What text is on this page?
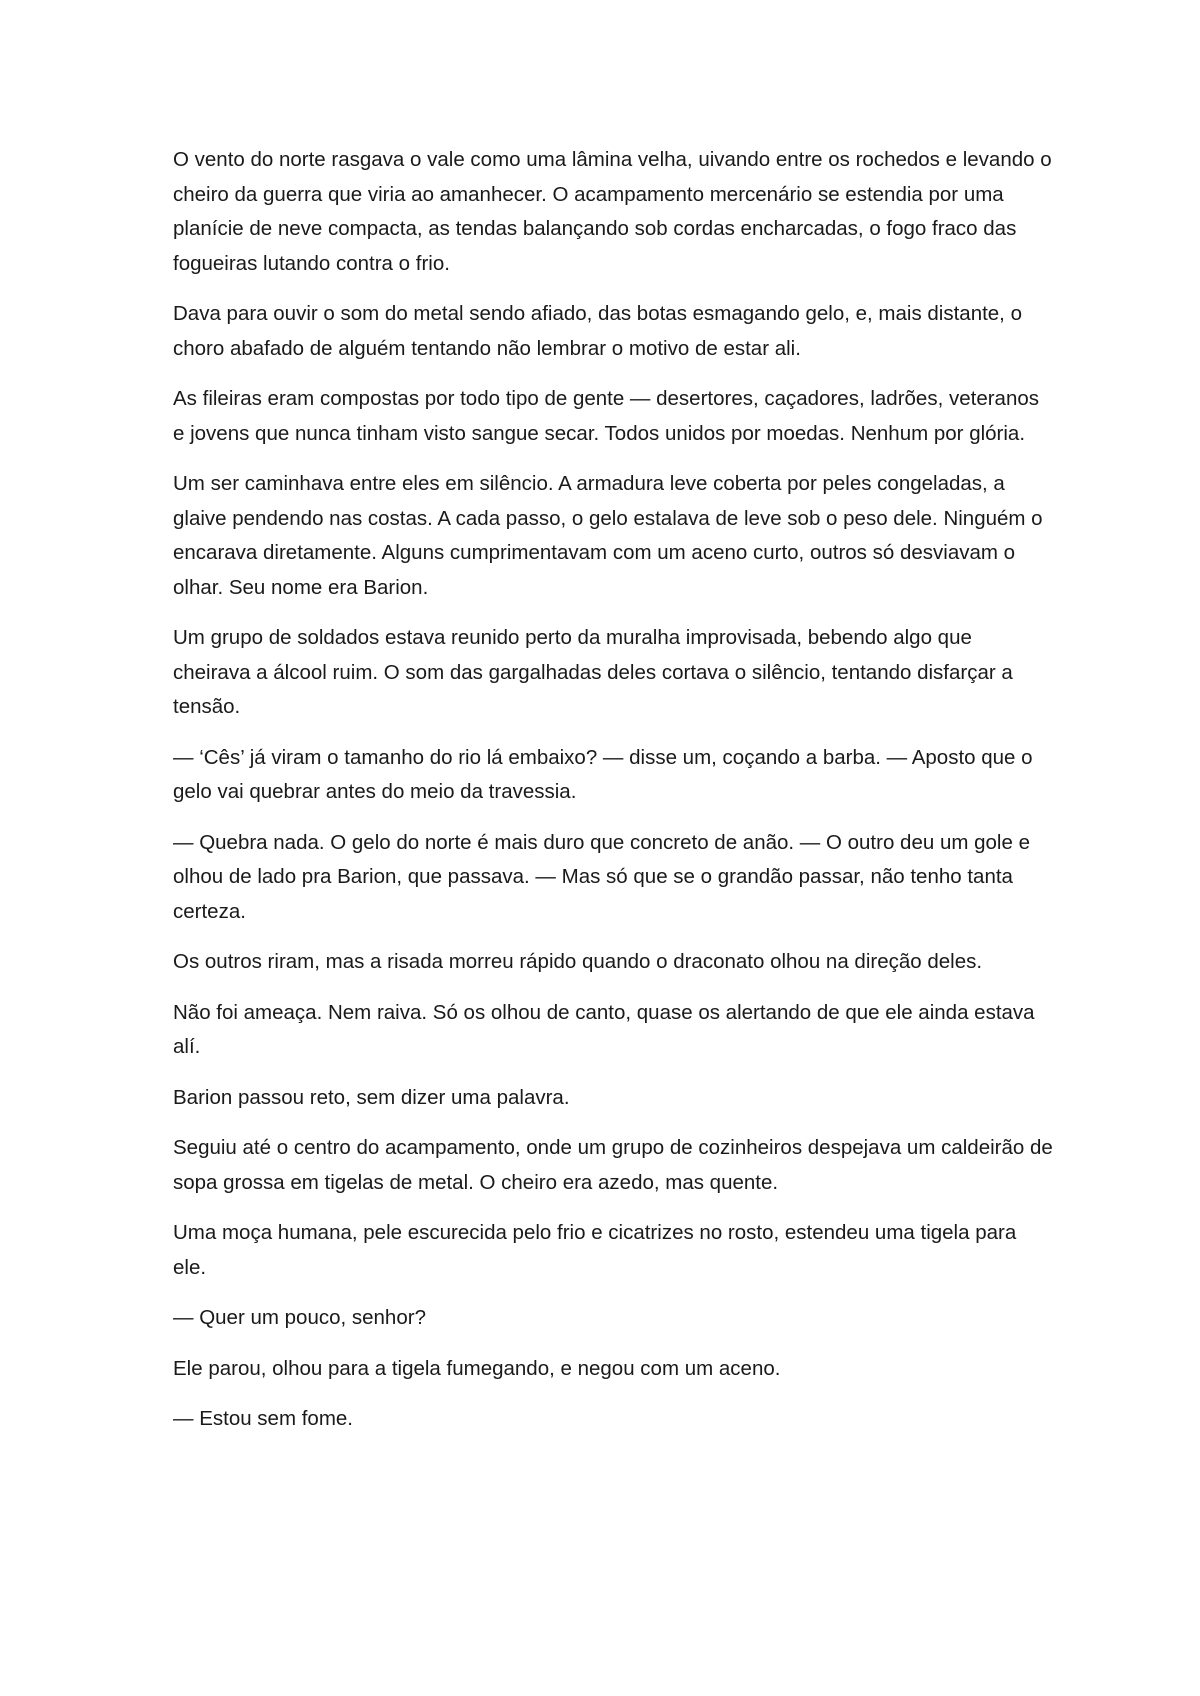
O vento do norte rasgava o vale como uma lâmina velha, uivando entre os rochedos e levando o cheiro da guerra que viria ao amanhecer. O acampamento mercenário se estendia por uma planície de neve compacta, as tendas balançando sob cordas encharcadas, o fogo fraco das fogueiras lutando contra o frio.

Dava para ouvir o som do metal sendo afiado, das botas esmagando gelo, e, mais distante, o choro abafado de alguém tentando não lembrar o motivo de estar ali.

As fileiras eram compostas por todo tipo de gente — desertores, caçadores, ladrões, veteranos e jovens que nunca tinham visto sangue secar. Todos unidos por moedas. Nenhum por glória.

Um ser caminhava entre eles em silêncio. A armadura leve coberta por peles congeladas, a glaive pendendo nas costas. A cada passo, o gelo estalava de leve sob o peso dele. Ninguém o encarava diretamente. Alguns cumprimentavam com um aceno curto, outros só desviavam o olhar. Seu nome era Barion.

Um grupo de soldados estava reunido perto da muralha improvisada, bebendo algo que cheirava a álcool ruim. O som das gargalhadas deles cortava o silêncio, tentando disfarçar a tensão.

— ‘Cês’ já viram o tamanho do rio lá embaixo? — disse um, coçando a barba. — Aposto que o gelo vai quebrar antes do meio da travessia.

— Quebra nada. O gelo do norte é mais duro que concreto de anão. — O outro deu um gole e olhou de lado pra Barion, que passava. — Mas só que se o grandão passar, não tenho tanta certeza.

Os outros riram, mas a risada morreu rápido quando o draconato olhou na direção deles.

Não foi ameaça. Nem raiva. Só os olhou de canto, quase os alertando de que ele ainda estava alí.

Barion passou reto, sem dizer uma palavra.

Seguiu até o centro do acampamento, onde um grupo de cozinheiros despejava um caldeirão de sopa grossa em tigelas de metal. O cheiro era azedo, mas quente.

Uma moça humana, pele escurecida pelo frio e cicatrizes no rosto, estendeu uma tigela para ele.

— Quer um pouco, senhor?

Ele parou, olhou para a tigela fumegando, e negou com um aceno.

— Estou sem fome.
